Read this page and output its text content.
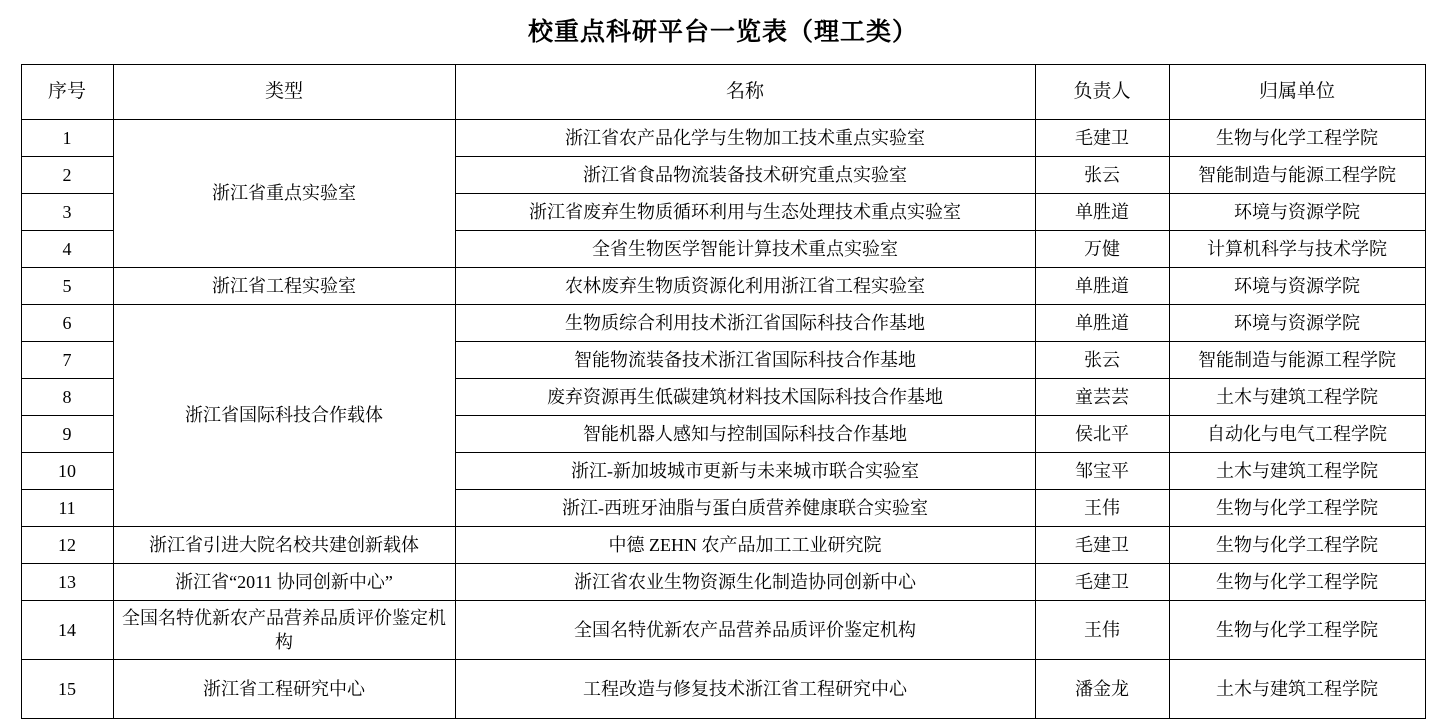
校重点科研平台一览表（理工类）
序号	类型	名称	负责人	归属单位
1	浙江省重点实验室	浙江省农产品化学与生物加工技术重点实验室	毛建卫	生物与化学工程学院
2		浙江省食品物流装备技术研究重点实验室	张云	智能制造与能源工程学院
3		浙江省废弃生物质循环利用与生态处理技术重点实验室	单胜道	环境与资源学院
4		全省生物医学智能计算技术重点实验室	万健	计算机科学与技术学院
5	浙江省工程实验室	农林废弃生物质资源化利用浙江省工程实验室	单胜道	环境与资源学院
6	浙江省国际科技合作载体	生物质综合利用技术浙江省国际科技合作基地	单胜道	环境与资源学院
7		智能物流装备技术浙江省国际科技合作基地	张云	智能制造与能源工程学院
8		废弃资源再生低碳建筑材料技术国际科技合作基地	童芸芸	土木与建筑工程学院
9		智能机器人感知与控制国际科技合作基地	侯北平	自动化与电气工程学院
10		浙江-新加坡城市更新与未来城市联合实验室	邹宝平	土木与建筑工程学院
11		浙江-西班牙油脂与蛋白质营养健康联合实验室	王伟	生物与化学工程学院
12	浙江省引进大院名校共建创新载体	中德 ZEHN 农产品加工工业研究院	毛建卫	生物与化学工程学院
13	浙江省“2011 协同创新中心”	浙江省农业生物资源生化制造协同创新中心	毛建卫	生物与化学工程学院
14	全国名特优新农产品营养品质评价鉴定机构	全国名特优新农产品营养品质评价鉴定机构	王伟	生物与化学工程学院
15	浙江省工程研究中心	工程改造与修复技术浙江省工程研究中心	潘金龙	土木与建筑工程学院
